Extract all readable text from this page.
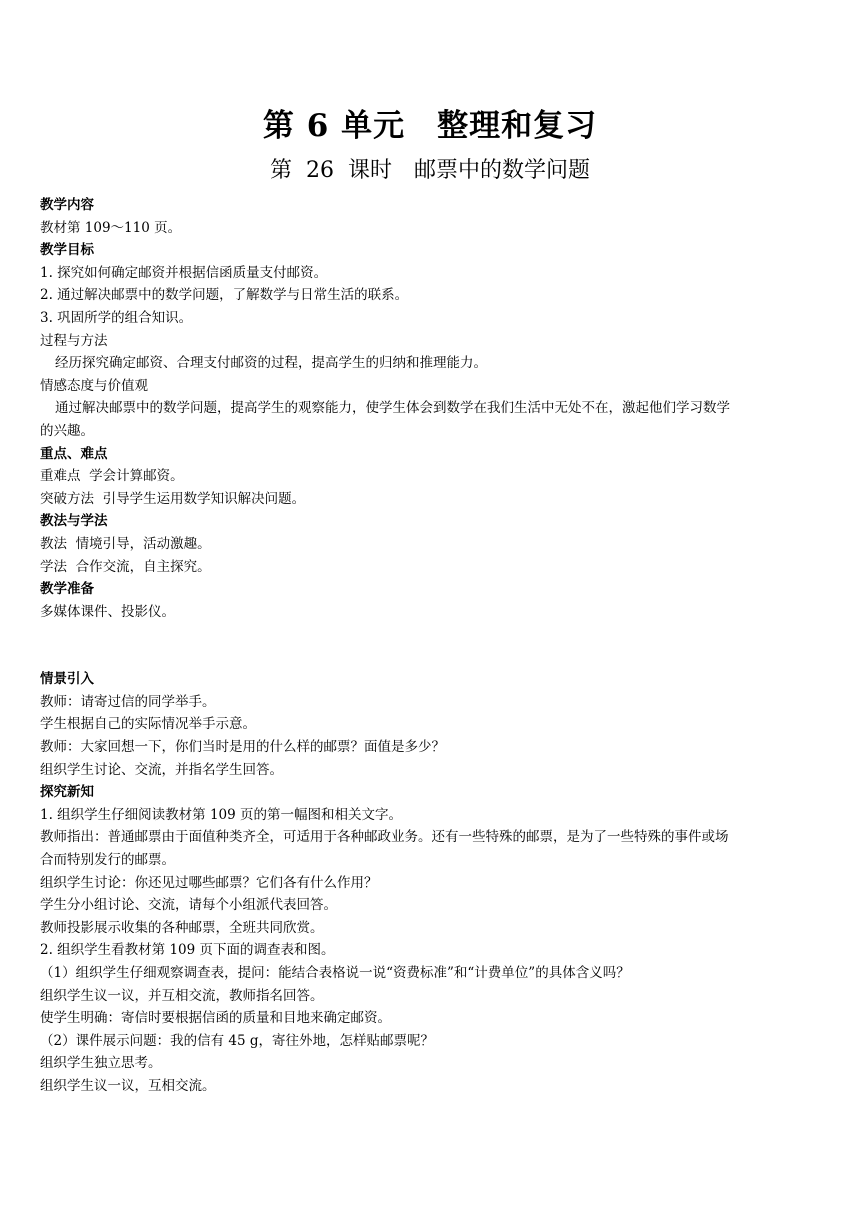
第 6 单元　整理和复习
第  26  课时　邮票中的数学问题
教学内容
教材第 109～110 页。
教学目标
1. 探究如何确定邮资并根据信函质量支付邮资。
2. 通过解决邮票中的数学问题，了解数学与日常生活的联系。
3. 巩固所学的组合知识。
过程与方法
经历探究确定邮资、合理支付邮资的过程，提高学生的归纳和推理能力。
情感态度与价值观
通过解决邮票中的数学问题，提高学生的观察能力，使学生体会到数学在我们生活中无处不在，激起他们学习数学
的兴趣。
重点、难点
重难点  学会计算邮资。
突破方法  引导学生运用数学知识解决问题。
教法与学法
教法  情境引导，活动激趣。
学法  合作交流，自主探究。
教学准备
多媒体课件、投影仪。
情景引入
教师：请寄过信的同学举手。
学生根据自己的实际情况举手示意。
教师：大家回想一下，你们当时是用的什么样的邮票？面值是多少？
组织学生讨论、交流，并指名学生回答。
探究新知
1. 组织学生仔细阅读教材第 109 页的第一幅图和相关文字。
教师指出：普通邮票由于面值种类齐全，可适用于各种邮政业务。还有一些特殊的邮票，是为了一些特殊的事件或场
合而特别发行的邮票。
组织学生讨论：你还见过哪些邮票？它们各有什么作用？
学生分小组讨论、交流，请每个小组派代表回答。
教师投影展示收集的各种邮票，全班共同欣赏。
2. 组织学生看教材第 109 页下面的调查表和图。
（1）组织学生仔细观察调查表，提问：能结合表格说一说“资费标准”和“计费单位”的具体含义吗？
组织学生议一议，并互相交流，教师指名回答。
使学生明确：寄信时要根据信函的质量和目地来确定邮资。
（2）课件展示问题：我的信有 45 g，寄往外地，怎样贴邮票呢？
组织学生独立思考。
组织学生议一议，互相交流。
